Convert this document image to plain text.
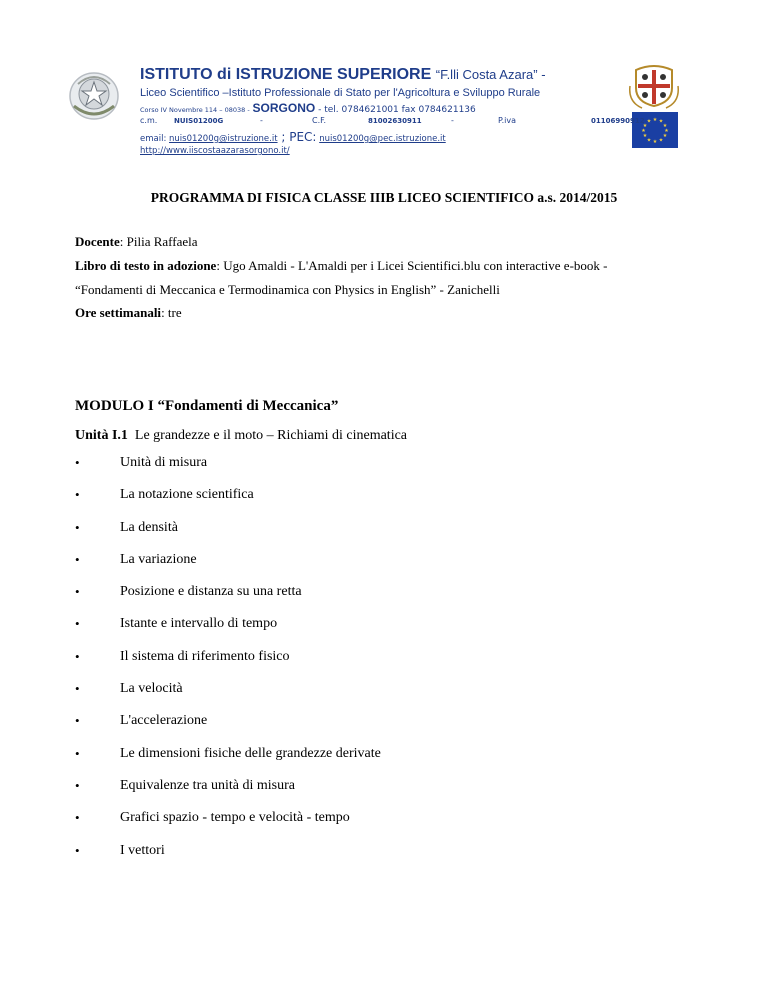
★ ★
★
★
★
★
★
★
★
★
★
★
ISTITUTO di ISTRUZIONE SUPERIORE “F.lli Costa Azara” -
Liceo Scientifico –Istituto Professionale di Stato per l'Agricoltura e Sviluppo Rurale
Corso IV Novembre 114 – 08038 - SORGONO - tel. 0784621001 fax 0784621136
c.m. NUIS01200G	-	C.F.	81002630911	-	P.iva	01106990912

email: nuis01200g@istruzione.it ; PEC: nuis01200g@pec.istruzione.it
http://www.iiscostaazarasorgono.it/
PROGRAMMA DI FISICA CLASSE IIIB LICEO SCIENTIFICO a.s. 2014/2015
Docente: Pilia Raffaela
Libro di testo in adozione: Ugo Amaldi - L'Amaldi per i Licei Scientifici.blu con interactive e-book -
“Fondamenti di Meccanica e Termodinamica con Physics in English” - Zanichelli
Ore settimanali: tre
MODULO I “Fondamenti di Meccanica”
Unità I.1  Le grandezze e il moto – Richiami di cinematica
•	Unità di misura
•	La notazione scientifica
•	La densità
•	La variazione
•	Posizione e distanza su una retta
•	Istante e intervallo di tempo
•	Il sistema di riferimento fisico
•	La velocità
•	L'accelerazione
•	Le dimensioni fisiche delle grandezze derivate
•	Equivalenze tra unità di misura
•	Grafici spazio - tempo e velocità - tempo
•	I vettori
